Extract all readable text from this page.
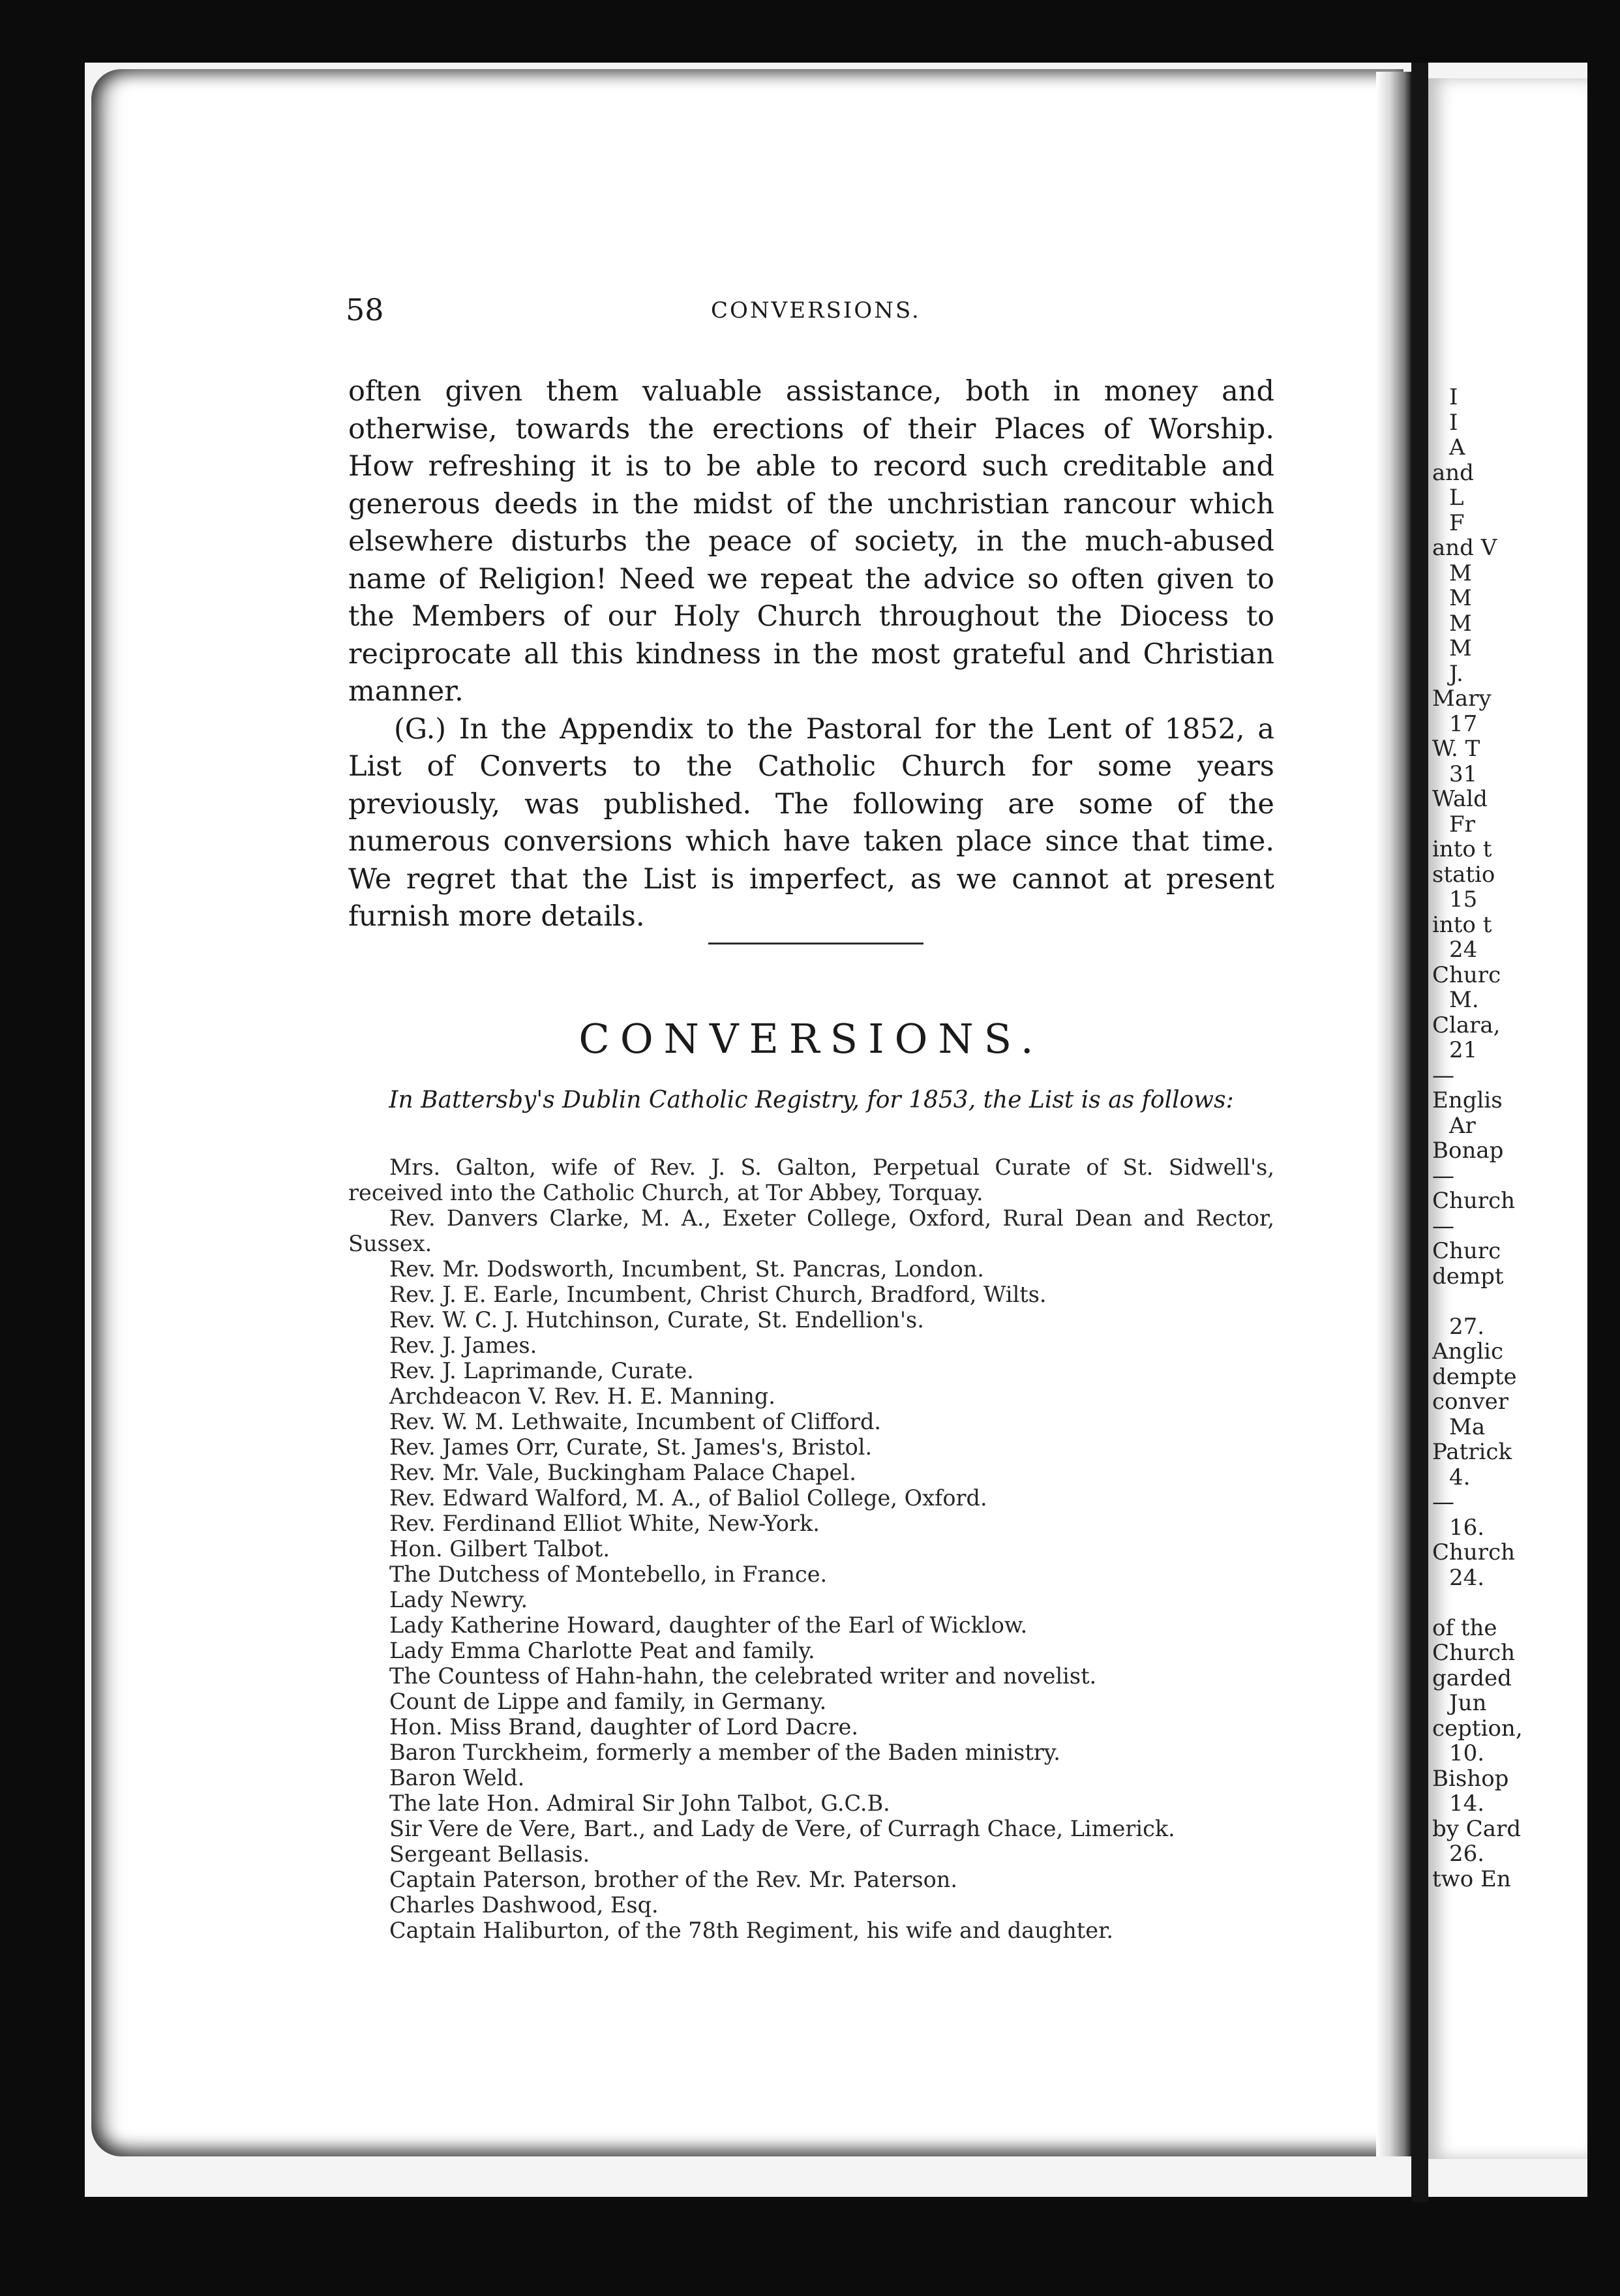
I
I
A
and
L
F
and V
M
M
M
M
J.
Mary
17
W. T
31
Wald
Fr
into t
statio
15
into t
24
Churc
M.
Clara,
21
—
Englis
Ar
Bonap
—
Church
—
Churc
dempt
27.
Anglic
dempte
conver
Ma
Patrick
4.
—
16.
Church
24.
of the
Church
garded
Jun
ception,
10.
Bishop
14.
by Card
26.
two En
58	CONVERSIONS.

often given them valuable assistance, both in money and otherwise, towards the erections of their Places of Worship. How refreshing it is to be able to record such creditable and generous deeds in the midst of the unchristian rancour which elsewhere disturbs the peace of society, in the much-abused name of Religion! Need we repeat the advice so often given to the Members of our Holy Church throughout the Diocess to reciprocate all this kindness in the most grateful and Christian manner.

(G.) In the Appendix to the Pastoral for the Lent of 1852, a List of Converts to the Catholic Church for some years previously, was published. The following are some of the numerous conversions which have taken place since that time. We regret that the List is imperfect, as we cannot at present furnish more details.

CONVERSIONS.
In Battersby's Dublin Catholic Registry, for 1853, the List is as follows:

Mrs. Galton, wife of Rev. J. S. Galton, Perpetual Curate of St. Sidwell's, received into the Catholic Church, at Tor Abbey, Torquay.

Rev. Danvers Clarke, M. A., Exeter College, Oxford, Rural Dean and Rector, Sussex.

Rev. Mr. Dodsworth, Incumbent, St. Pancras, London.

Rev. J. E. Earle, Incumbent, Christ Church, Bradford, Wilts.

Rev. W. C. J. Hutchinson, Curate, St. Endellion's.

Rev. J. James.

Rev. J. Laprimande, Curate.

Archdeacon V. Rev. H. E. Manning.

Rev. W. M. Lethwaite, Incumbent of Clifford.

Rev. James Orr, Curate, St. James's, Bristol.

Rev. Mr. Vale, Buckingham Palace Chapel.

Rev. Edward Walford, M. A., of Baliol College, Oxford.

Rev. Ferdinand Elliot White, New-York.

Hon. Gilbert Talbot.

The Dutchess of Montebello, in France.

Lady Newry.

Lady Katherine Howard, daughter of the Earl of Wicklow.

Lady Emma Charlotte Peat and family.

The Countess of Hahn-hahn, the celebrated writer and novelist.

Count de Lippe and family, in Germany.

Hon. Miss Brand, daughter of Lord Dacre.

Baron Turckheim, formerly a member of the Baden ministry.

Baron Weld.

The late Hon. Admiral Sir John Talbot, G.C.B.

Sir Vere de Vere, Bart., and Lady de Vere, of Curragh Chace, Limerick.

Sergeant Bellasis.

Captain Paterson, brother of the Rev. Mr. Paterson.

Charles Dashwood, Esq.

Captain Haliburton, of the 78th Regiment, his wife and daughter.
